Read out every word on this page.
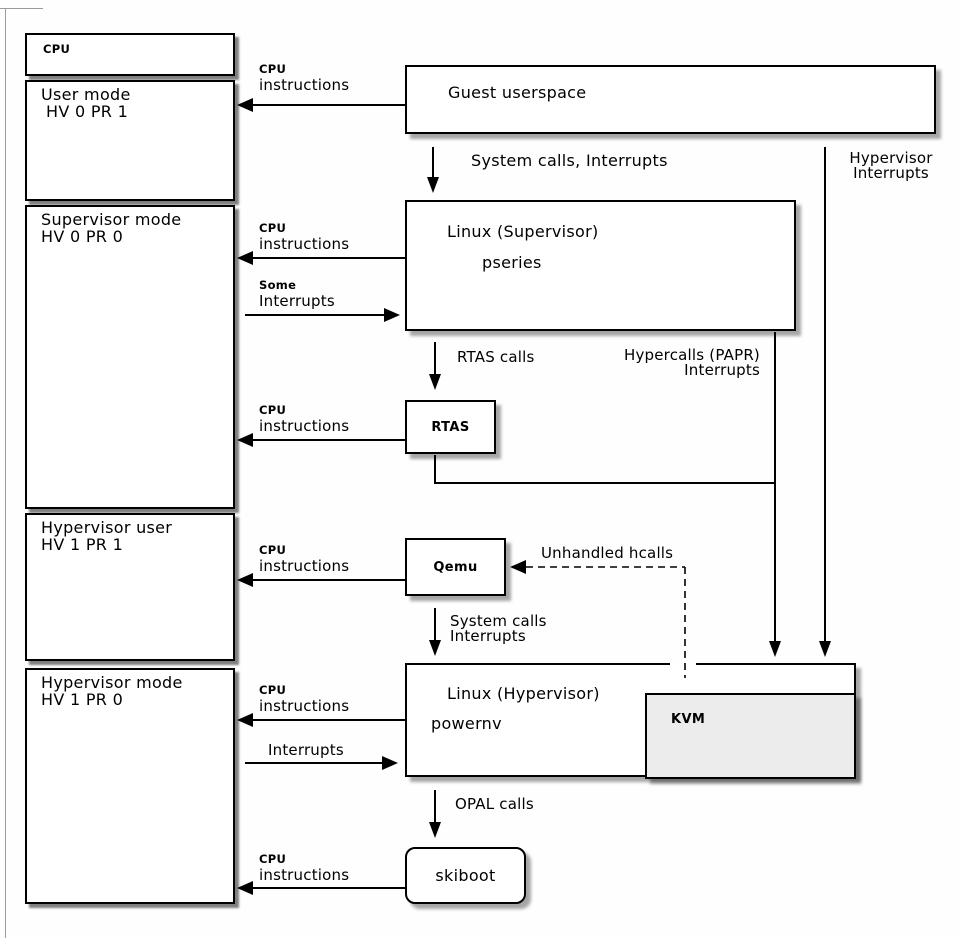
CPU
User mode
HV 0 PR 1
Supervisor mode
HV 0 PR 0
Hypervisor user
HV 1 PR 1
Hypervisor mode
HV 1 PR 0
Guest userspace
Linux (Supervisor)
pseries
RTAS
Qemu
Linux (Hypervisor)
powernv	KVM
skiboot
CPU
instructions
System calls, Interrupts	Hypervisor
Interrupts
CPU
instructions
Some
Interrupts
RTAS calls	Hypercalls (PAPR)
Interrupts
CPU
instructions
CPU
instructions
Unhandled hcalls
System calls
Interrupts
CPU
instructions
Interrupts
OPAL calls
CPU
instructions
